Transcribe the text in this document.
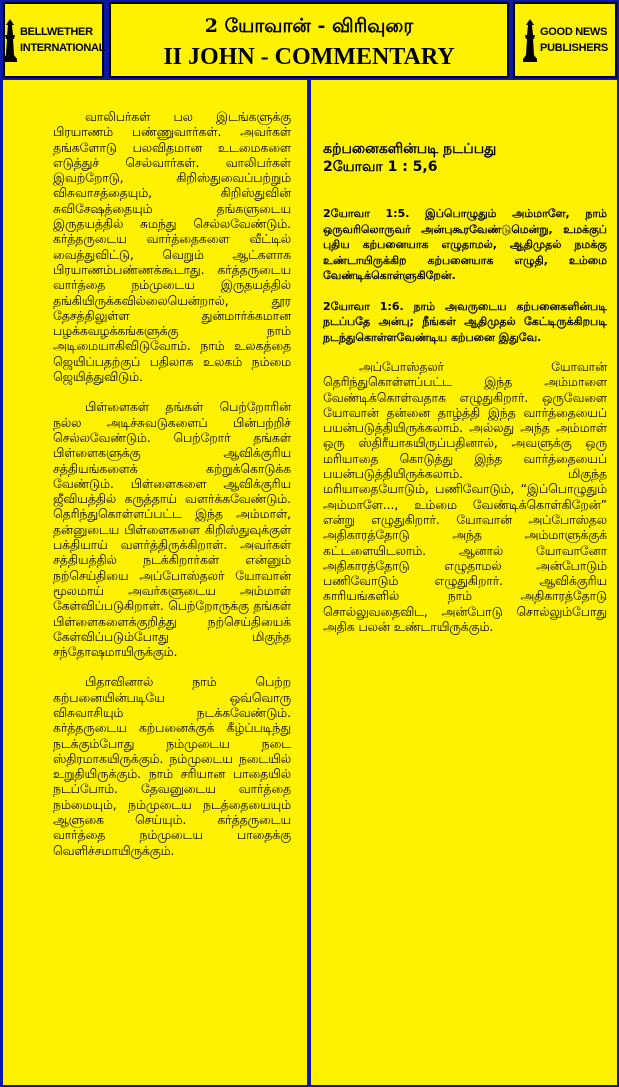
BELLWETHER
INTERNATIONAL
2 யோவான் - விரிவுரை
II JOHN - COMMENTARY
GOOD NEWS
PUBLISHERS

வாலிபர்கள் பல இடங்களுக்கு பிரயாணம் பண்ணுவார்கள். அவர்கள் தங்களோடு பலவிதமான உடமைகளை எடுத்துச் செல்வார்கள். வாலிபர்கள் இவற்றோடு, கிறிஸ்துவைப்பற்றும் விசுவாசத்தையும், கிறிஸ்துவின் சுவிசேஷத்தையும் தங்களுடைய இருதயத்தில் சுமந்து செல்லவேண்டும். கர்த்தருடைய வார்த்தைகளை வீட்டில் வைத்துவிட்டு, வெறும் ஆட்களாக பிரயாணம்பண்ணக்கூடாது. கர்த்தருடைய வார்த்தை நம்முடைய இருதயத்தில் தங்கியிருக்கவில்லையென்றால், தூர தேசத்திலுள்ள துன்மார்க்கமான பழக்கவழக்கங்களுக்கு நாம் அடிமையாகிவிடுவோம். நாம் உலகத்தை ஜெயிப்பதற்குப் பதிலாக உலகம் நம்மை ஜெயித்துவிடும்.

பிள்ளைகள் தங்கள் பெற்றோரின் நல்ல அடிச்சுவடுகளைப் பின்பற்றிச் செல்லவேண்டும். பெற்றோர் தங்கள் பிள்ளைகளுக்கு ஆவிக்குரிய சத்தியங்களைக் கற்றுக்கொடுக்க வேண்டும். பிள்ளைகளை ஆவிக்குரிய ஜீவியத்தில் கருத்தாய் வளர்க்கவேண்டும். தெரிந்துகொள்ளப்பட்ட இந்த அம்மாள், தன்னுடைய பிள்ளைகளை கிறிஸ்துவுக்குள் பக்தியாய் வளர்த்திருக்கிறாள். அவர்கள் சத்தியத்தில் நடக்கிறார்கள் என்னும் நற்செய்தியை அப்போஸ்தலர் யோவான் மூலமாய் அவர்களுடைய அம்மாள் கேள்விப்படுகிறாள். பெற்றோருக்கு தங்கள் பிள்ளைகளைக்குறித்து நற்செய்தியைக் கேள்விப்படும்போது மிகுந்த சந்தோஷமாயிருக்கும்.

பிதாவினால் நாம் பெற்ற கற்பனையின்படியே ஒவ்வொரு விசுவாசியும் நடக்கவேண்டும். கர்த்தருடைய கற்பனைக்குக் கீழ்ப்படிந்து நடக்கும்போது நம்முடைய நடை ஸ்திரமாகயிருக்கும். நம்முடைய நடையில் உறுதியிருக்கும். நாம் சரியான பாதையில் நடப்போம். தேவனுடைய வார்த்தை நம்மையும், நம்முடைய நடத்தையையும் ஆளுகை செய்யும். கர்த்தருடைய வார்த்தை நம்முடைய பாதைக்கு வெளிச்சமாயிருக்கும்.

கற்பனைகளின்படி நடப்பது
2யோவா 1 : 5,6

2யோவா 1:5. இப்பொழுதும் அம்மாளே, நாம் ஒருவரிலொருவர் அன்புகூரவேண்டுமென்று, உமக்குப் புதிய கற்பனையாக எழுதாமல், ஆதிமுதல் நமக்கு உண்டாயிருக்கிற கற்பனையாக எழுதி, உம்மை வேண்டிக்கொள்ளுகிறேன்.

2யோவா 1:6. நாம் அவருடைய கற்பனைகளின்படி நடப்பதே அன்பு; நீங்கள் ஆதிமுதல் கேட்டிருக்கிறபடி நடந்துகொள்ளவேண்டிய கற்பனை இதுவே.

அப்போஸ்தலர் யோவான் தெரிந்துகொள்ளப்பட்ட இந்த அம்மாளை வேண்டிக்கொள்வதாக எழுதுகிறார். ஒருவேளை யோவான் தன்னை தாழ்த்தி இந்த வார்த்தையைப் பயன்படுத்தியிருக்கலாம். அல்லது அந்த அம்மாள் ஒரு ஸ்திரீயாகயிருப்பதினால், அவளுக்கு ஒரு மரியாதை கொடுத்து இந்த வார்த்தையைப் பயன்படுத்தியிருக்கலாம். மிகுந்த மரியாதையோடும், பணிவோடும், “இப்பொழுதும் அம்மாளே..., உம்மை வேண்டிக்கொள்கிறேன்” என்று எழுதுகிறார். யோவான் அப்போஸ்தல அதிகாரத்தோடு அந்த அம்மாளுக்குக் கட்டளையிடலாம். ஆனால் யோவானோ அதிகாரத்தோடு எழுதாமல் அன்போடும் பணிவோடும் எழுதுகிறார். ஆவிக்குரிய காரியங்களில் நாம் அதிகாரத்தோடு சொல்லுவதைவிட, அன்போடு சொல்லும்போது அதிக பலன் உண்டாயிருக்கும்.
